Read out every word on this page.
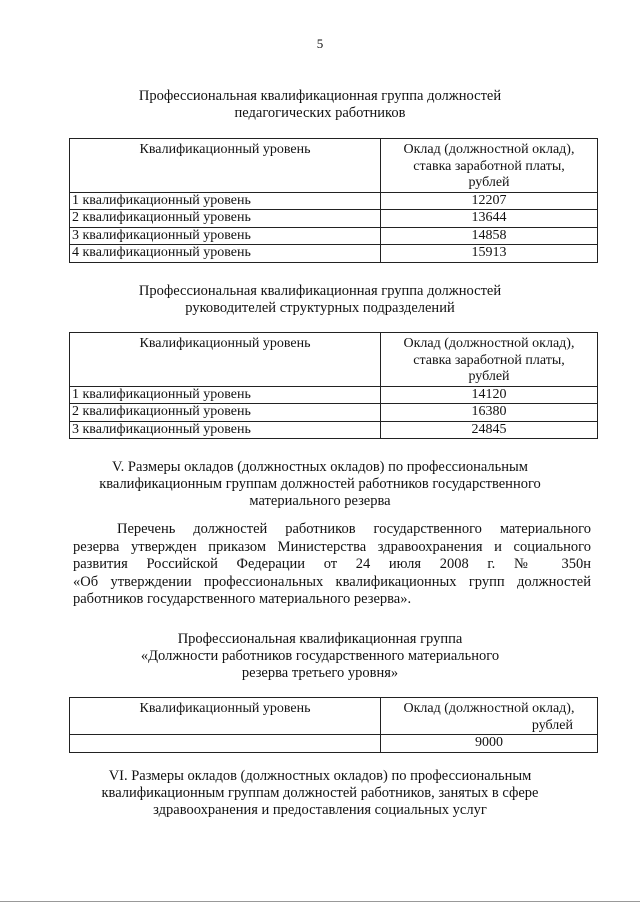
5
Профессиональная квалификационная группа должностей
педагогических работников
Квалификационный уровень	Оклад (должностной оклад),
ставка заработной платы,
рублей

1 квалификационный уровень	12207
2 квалификационный уровень	13644
3 квалификационный уровень	14858
4 квалификационный уровень	15913
Профессиональная квалификационная группа должностей
руководителей структурных подразделений
Квалификационный уровень	Оклад (должностной оклад),
ставка заработной платы,
рублей

1 квалификационный уровень	14120
2 квалификационный уровень	16380
3 квалификационный уровень	24845
V. Размеры окладов (должностных окладов) по профессиональным
квалификационным группам должностей работников государственного
материального резерва
Перечень должностей работников государственного материального
резерва утвержден приказом Министерства здравоохранения и социального
развития Российской Федерации от 24 июля 2008 г. № 350н
«Об утверждении профессиональных квалификационных групп должностей
работников государственного материального резерва».
Профессиональная квалификационная группа
«Должности работников государственного материального
резерва третьего уровня»
Квалификационный уровень	Оклад (должностной оклад),
рублей

	9000
VI. Размеры окладов (должностных окладов) по профессиональным
квалификационным группам должностей работников, занятых в сфере
здравоохранения и предоставления социальных услуг
